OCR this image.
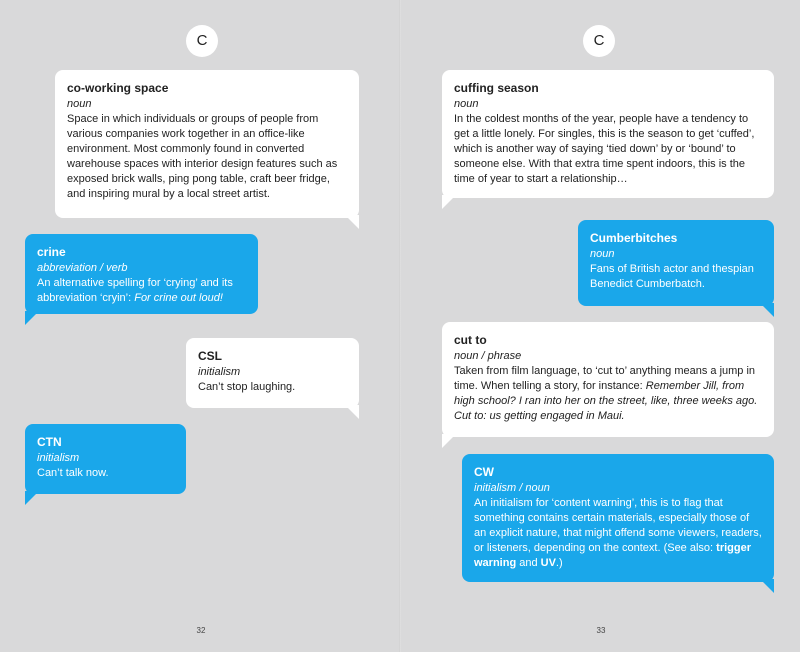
C
co-working space
noun
Space in which individuals or groups of people from various companies work together in an office-like environment. Most commonly found in converted warehouse spaces with interior design features such as exposed brick walls, ping pong table, craft beer fridge, and inspiring mural by a local street artist.
crine
abbreviation / verb
An alternative spelling for ‘crying’ and its abbreviation ‘cryin’: For crine out loud!
CSL
initialism
Can’t stop laughing.
CTN
initialism
Can’t talk now.
32
C
cuffing season
noun
In the coldest months of the year, people have a tendency to get a little lonely. For singles, this is the season to get ‘cuffed’, which is another way of saying ‘tied down’ by or ‘bound’ to someone else. With that extra time spent indoors, this is the time of year to start a relationship…
Cumberbitches
noun
Fans of British actor and thespian Benedict Cumberbatch.
cut to
noun / phrase
Taken from film language, to ‘cut to’ anything means a jump in time. When telling a story, for instance: Remember Jill, from high school? I ran into her on the street, like, three weeks ago. Cut to: us getting engaged in Maui.
CW
initialism / noun
An initialism for ‘content warning’, this is to flag that something contains certain materials, especially those of an explicit nature, that might offend some viewers, readers, or listeners, depending on the context. (See also: trigger warning and UV.)
33
